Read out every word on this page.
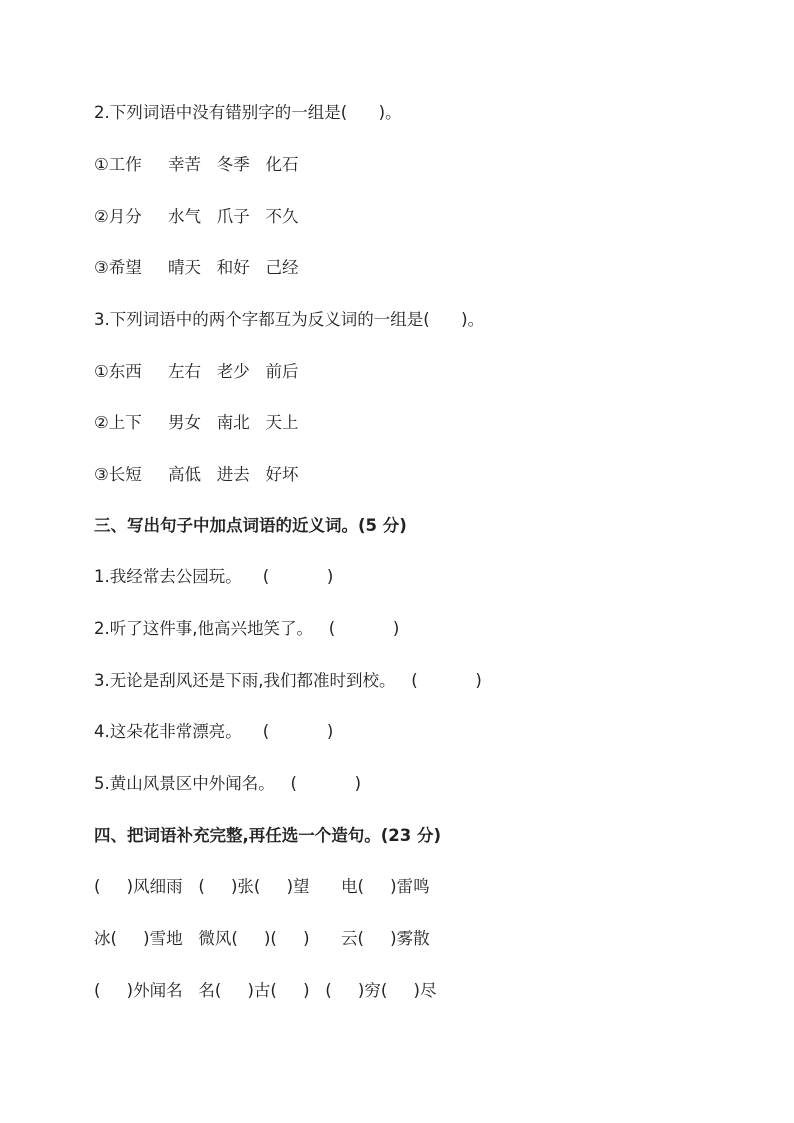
2.下列词语中没有错别字的一组是(      )。
①工作     幸苦   冬季   化石
②月分     水气   爪子   不久
③希望     晴天   和好   己经
3.下列词语中的两个字都互为反义词的一组是(      )。
①东西     左右   老少   前后
②上下     男女   南北   天上
③长短     高低   进去   好坏
三、写出句子中加点词语的近义词。(5 分)
1.我经常去公园玩。    (           )
2.听了这件事,他高兴地笑了。   (           )
3.无论是刮风还是下雨,我们都准时到校。   (           )
4.这朵花非常漂亮。    (           )
5.黄山风景区中外闻名。   (           )
四、把词语补充完整,再任选一个造句。(23 分)
(     )风细雨   (     )张(     )望      电(     )雷鸣
冰(     )雪地   微风(     )(     )      云(     )雾散
(     )外闻名   名(     )古(     )   (     )穷(     )尽
